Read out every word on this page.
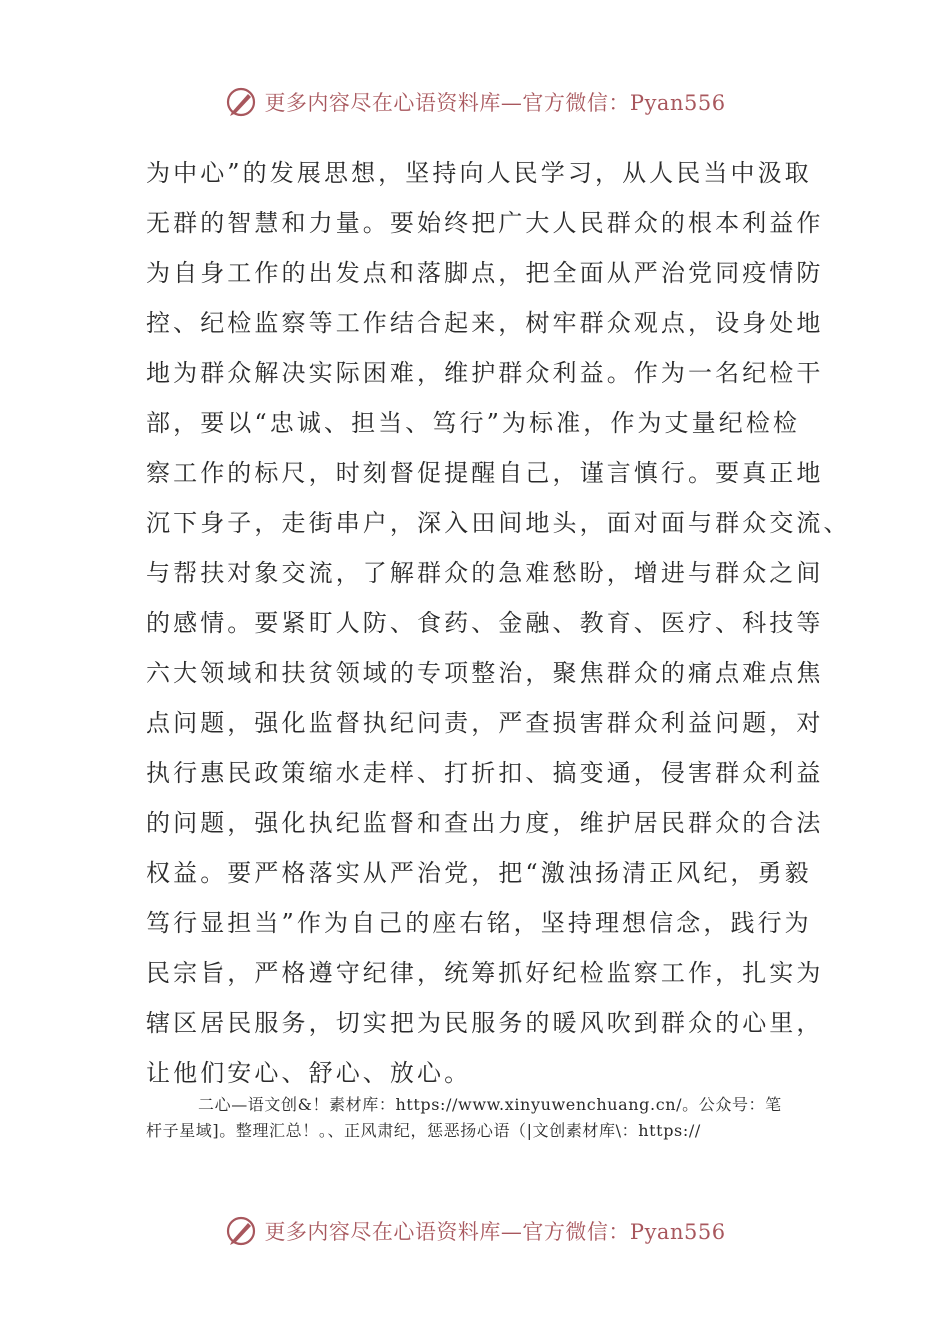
更多内容尽在心语资料库—官方微信：Pyan556
为中心”的发展思想，坚持向人民学习，从人民当中汲取
无群的智慧和力量。要始终把广大人民群众的根本利益作
为自身工作的出发点和落脚点，把全面从严治党同疫情防
控、纪检监察等工作结合起来，树牢群众观点，设身处地
地为群众解决实际困难，维护群众利益。作为一名纪检干
部，要以“忠诚、担当、笃行”为标准，作为丈量纪检检
察工作的标尺，时刻督促提醒自己，谨言慎行。要真正地
沉下身子，走街串户，深入田间地头，面对面与群众交流、
与帮扶对象交流，了解群众的急难愁盼，增进与群众之间
的感情。要紧盯人防、食药、金融、教育、医疗、科技等
六大领域和扶贫领域的专项整治，聚焦群众的痛点难点焦
点问题，强化监督执纪问责，严查损害群众利益问题，对
执行惠民政策缩水走样、打折扣、搞变通，侵害群众利益
的问题，强化执纪监督和查出力度，维护居民群众的合法
权益。要严格落实从严治党，把“激浊扬清正风纪，勇毅
笃行显担当”作为自己的座右铭，坚持理想信念，践行为
民宗旨，严格遵守纪律，统筹抓好纪检监察工作，扎实为
辖区居民服务，切实把为民服务的暖风吹到群众的心里，
让他们安心、舒心、放心。
二心—语文创&！素材库：https://www.xinyuwenchuang.cn/。公众号：笔
杆子星域]。整理汇总！。、正风肃纪，惩恶扬心语（|文创素材库\：https://
更多内容尽在心语资料库—官方微信：Pyan556
